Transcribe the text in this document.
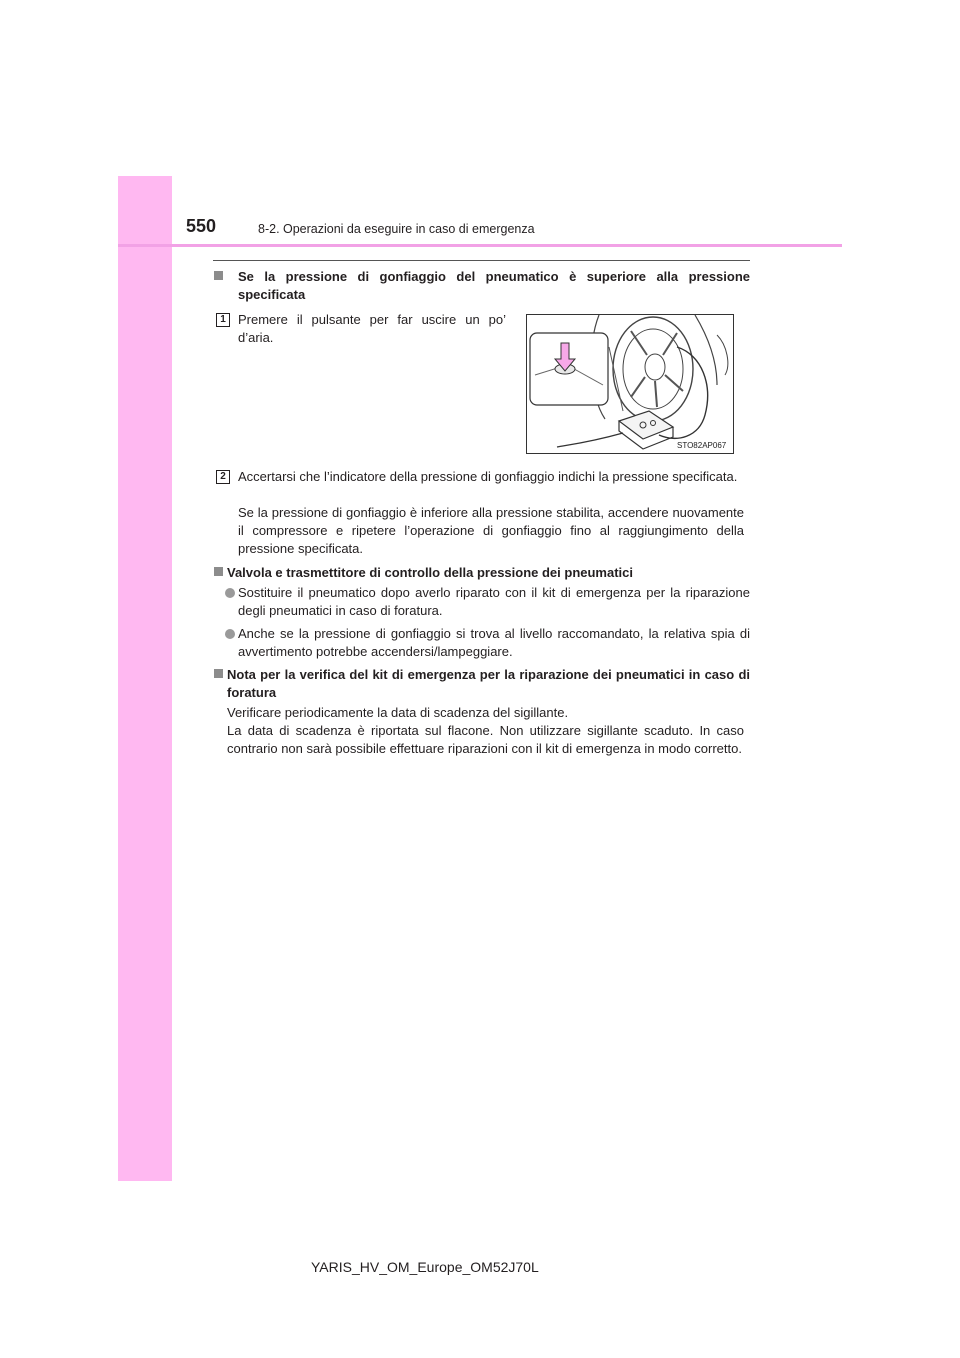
550	8-2. Operazioni da eseguire in caso di emergenza
Se la pressione di gonfiaggio del pneumatico è superiore alla pressione specificata
1 Premere il pulsante per far uscire un po’ d’aria.
STO82AP067
2 Accertarsi che l’indicatore della pressione di gonfiaggio indichi la pressione specificata.
Se la pressione di gonfiaggio è inferiore alla pressione stabilita, accendere nuovamente il compressore e ripetere l’operazione di gonfiaggio fino al raggiungimento della pressione specificata.
Valvola e trasmettitore di controllo della pressione dei pneumatici
Sostituire il pneumatico dopo averlo riparato con il kit di emergenza per la riparazione degli pneumatici in caso di foratura.
Anche se la pressione di gonfiaggio si trova al livello raccomandato, la relativa spia di avvertimento potrebbe accendersi/lampeggiare.
Nota per la verifica del kit di emergenza per la riparazione dei pneumatici in caso di foratura
Verificare periodicamente la data di scadenza del sigillante.
La data di scadenza è riportata sul flacone. Non utilizzare sigillante scaduto. In caso contrario non sarà possibile effettuare riparazioni con il kit di emergenza in modo corretto.
YARIS_HV_OM_Europe_OM52J70L
